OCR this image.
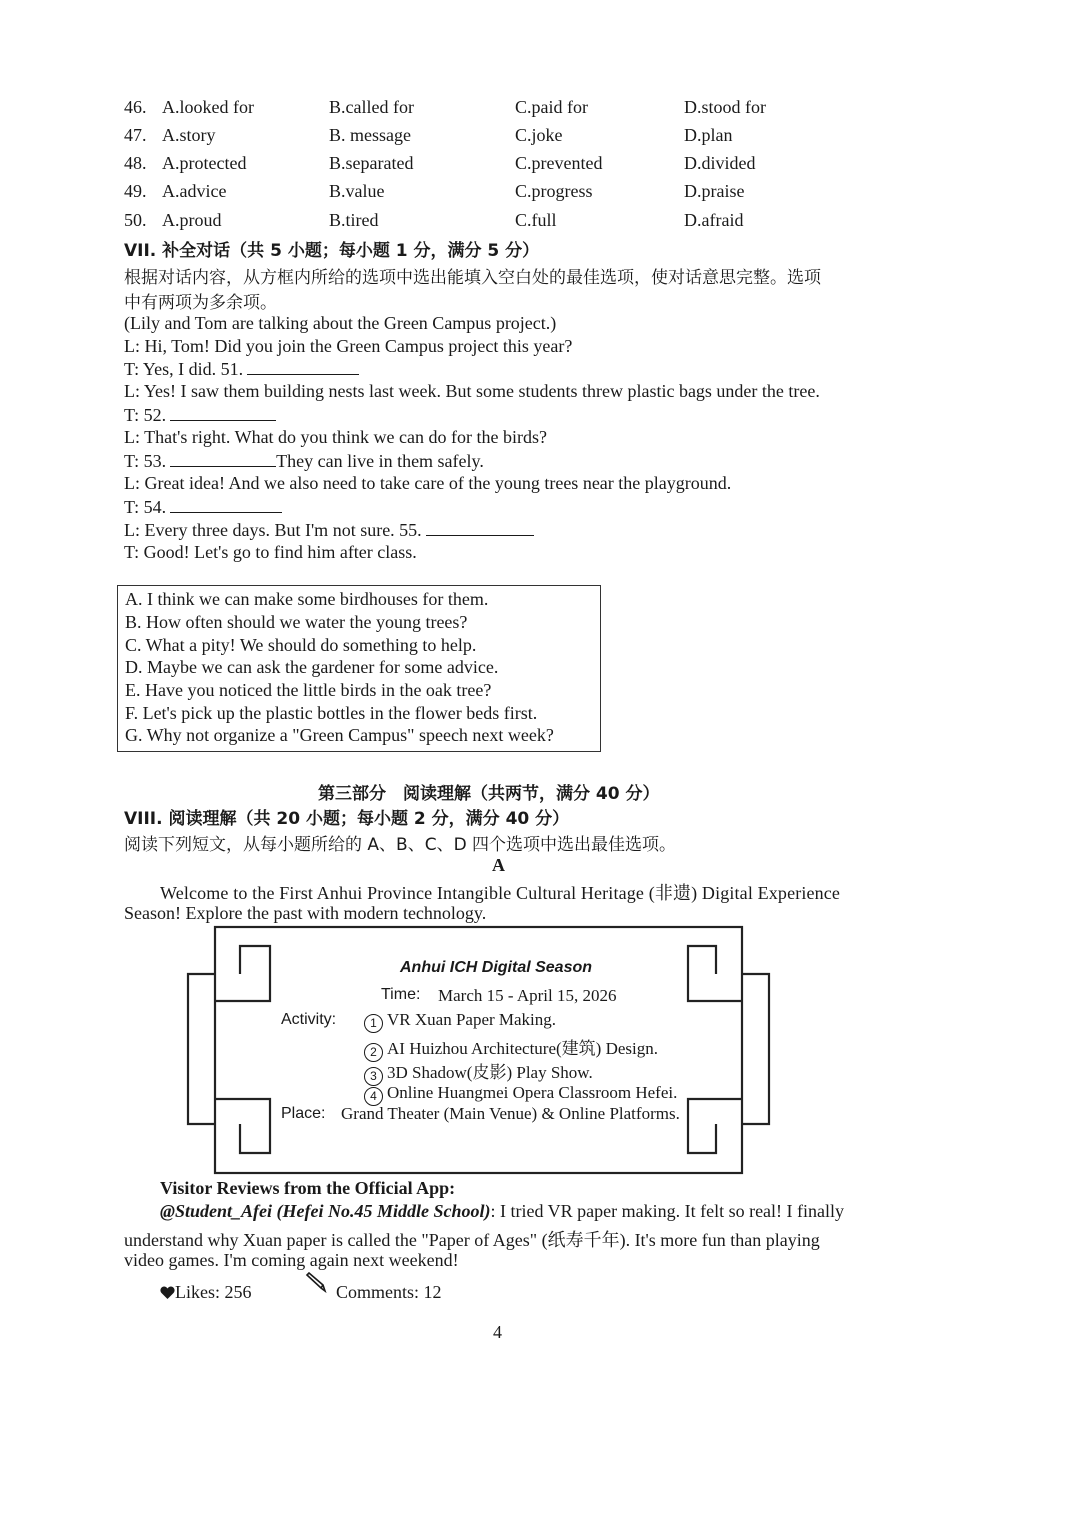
46. A.looked for	B.called for	C.paid for	D.stood for
47. A.story	B. message	C.joke	D.plan
48. A.protected	B.separated	C.prevented	D.divided
49. A.advice	B.value	C.progress	D.praise
50. A.proud	B.tired	C.full	D.afraid
VII. 补全对话（共 5 小题；每小题 1 分，满分 5 分）
根据对话内容，从方框内所给的选项中选出能填入空白处的最佳选项，使对话意思完整。选项
中有两项为多余项。
(Lily and Tom are talking about the Green Campus project.)
L: Hi, Tom! Did you join the Green Campus project this year?
T: Yes, I did. 51.
L: Yes! I saw them building nests last week. But some students threw plastic bags under the tree.
T: 52.
L: That's right. What do you think we can do for the birds?
T: 53.	They can live in them safely.
L: Great idea! And we also need to take care of the young trees near the playground.
T: 54.
L: Every three days. But I'm not sure. 55.
T: Good! Let's go to find him after class.
A. I think we can make some birdhouses for them.
B. How often should we water the young trees?
C. What a pity! We should do something to help.
D. Maybe we can ask the gardener for some advice.
E. Have you noticed the little birds in the oak tree?
F. Let's pick up the plastic bottles in the flower beds first.
G. Why not organize a "Green Campus" speech next week?
第三部分　阅读理解（共两节，满分 40 分）
VIII. 阅读理解（共 20 小题；每小题 2 分，满分 40 分）
阅读下列短文，从每小题所给的 A、B、C、D 四个选项中选出最佳选项。
A
Welcome to the First Anhui Province Intangible Cultural Heritage (非遗) Digital Experience
Season! Explore the past with modern technology.
Anhui ICH Digital Season
Time: March 15 - April 15, 2026
Activity:	1 VR Xuan Paper Making.
2 AI Huizhou Architecture(建筑) Design.
3 3D Shadow(皮影) Play Show.
4 Online Huangmei Opera Classroom Hefei.
Place: Grand Theater (Main Venue) & Online Platforms.
Visitor Reviews from the Official App:
@Student_Afei (Hefei No.45 Middle School): I tried VR paper making. It felt so real! I finally
understand why Xuan paper is called the "Paper of Ages" (纸寿千年). It's more fun than playing
video games. I'm coming again next weekend!
Likes: 256	Comments: 12
4
